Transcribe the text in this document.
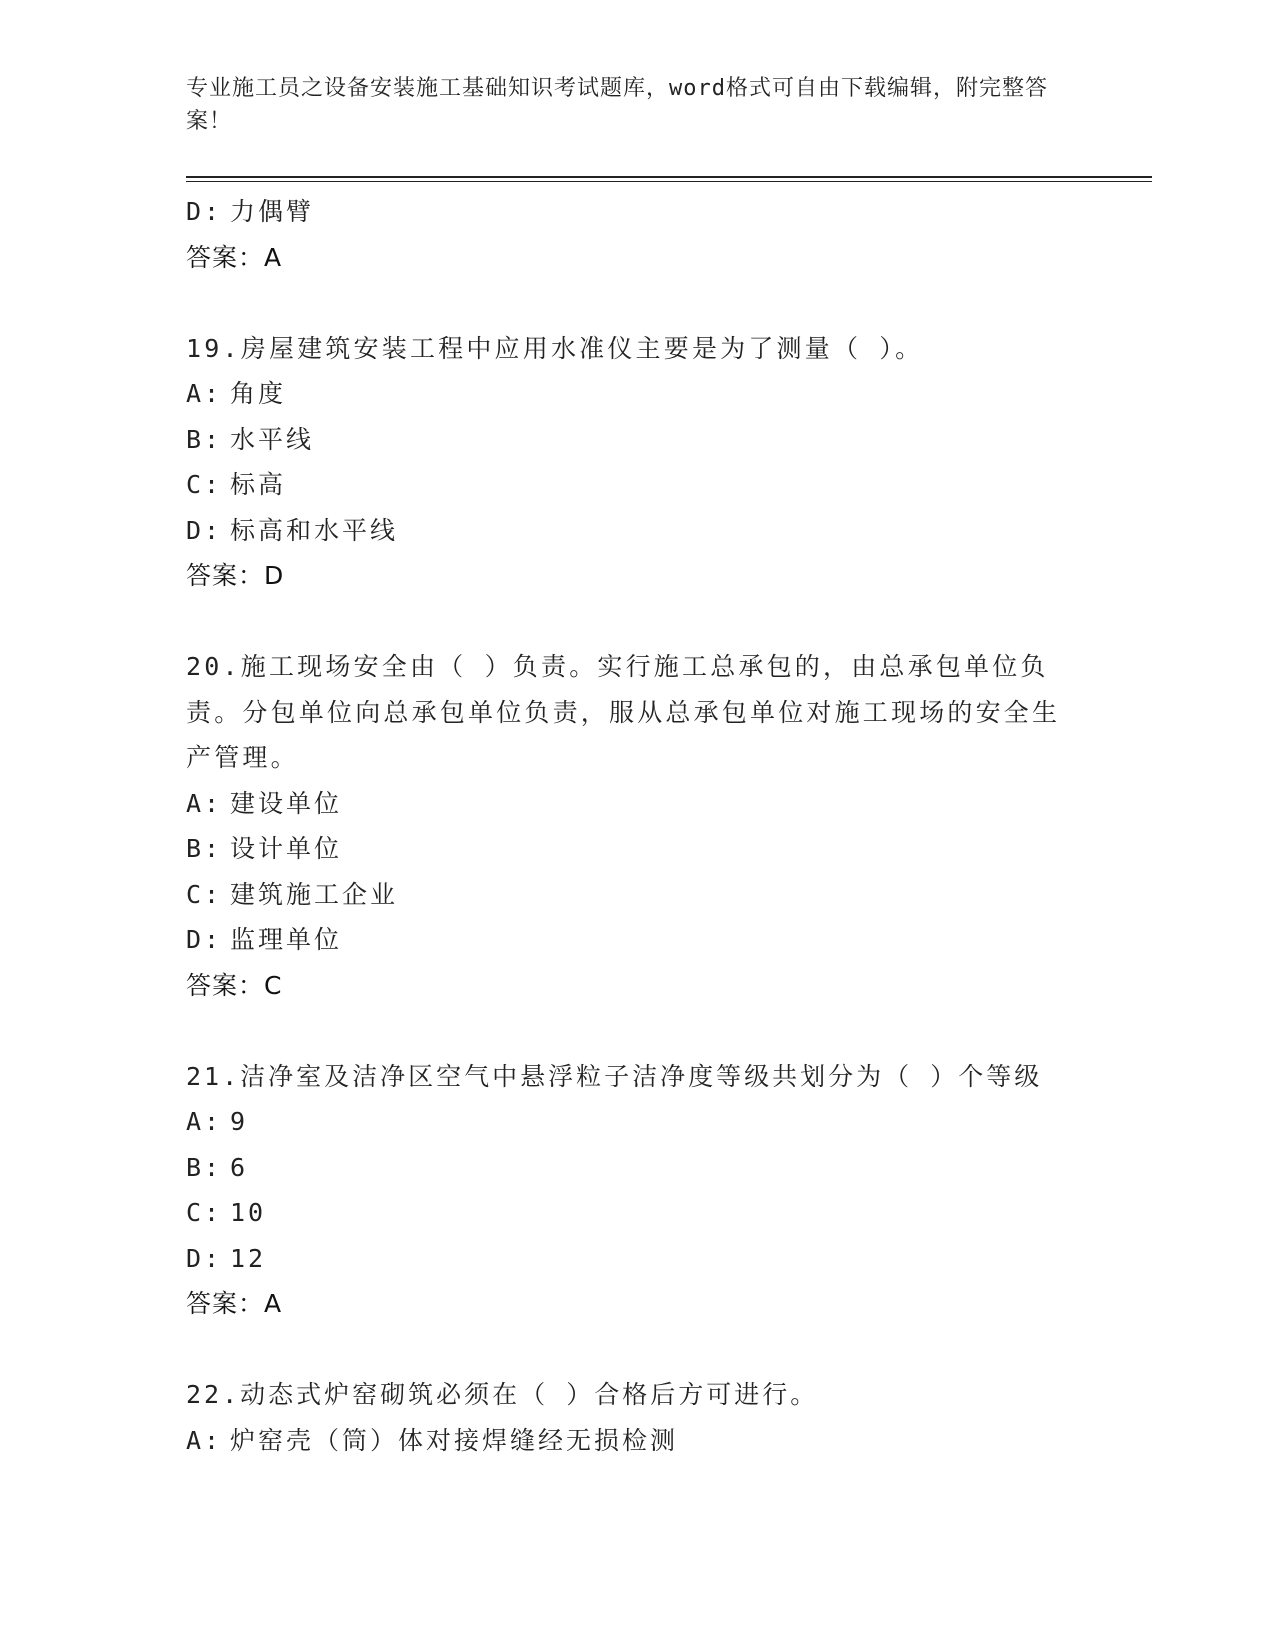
专业施工员之设备安装施工基础知识考试题库，word格式可自由下载编辑，附完整答案！
D: 力偶臂
答案：A
19.房屋建筑安装工程中应用水准仪主要是为了测量（ ）。
A: 角度
B: 水平线
C: 标高
D: 标高和水平线
答案：D
20.施工现场安全由（ ）负责。实行施工总承包的，由总承包单位负责。分包单位向总承包单位负责，服从总承包单位对施工现场的安全生产管理。
A: 建设单位
B: 设计单位
C: 建筑施工企业
D: 监理单位
答案：C
21.洁净室及洁净区空气中悬浮粒子洁净度等级共划分为（ ）个等级
A: 9
B: 6
C: 10
D: 12
答案：A
22.动态式炉窑砌筑必须在（ ）合格后方可进行。
A: 炉窑壳（筒）体对接焊缝经无损检测
